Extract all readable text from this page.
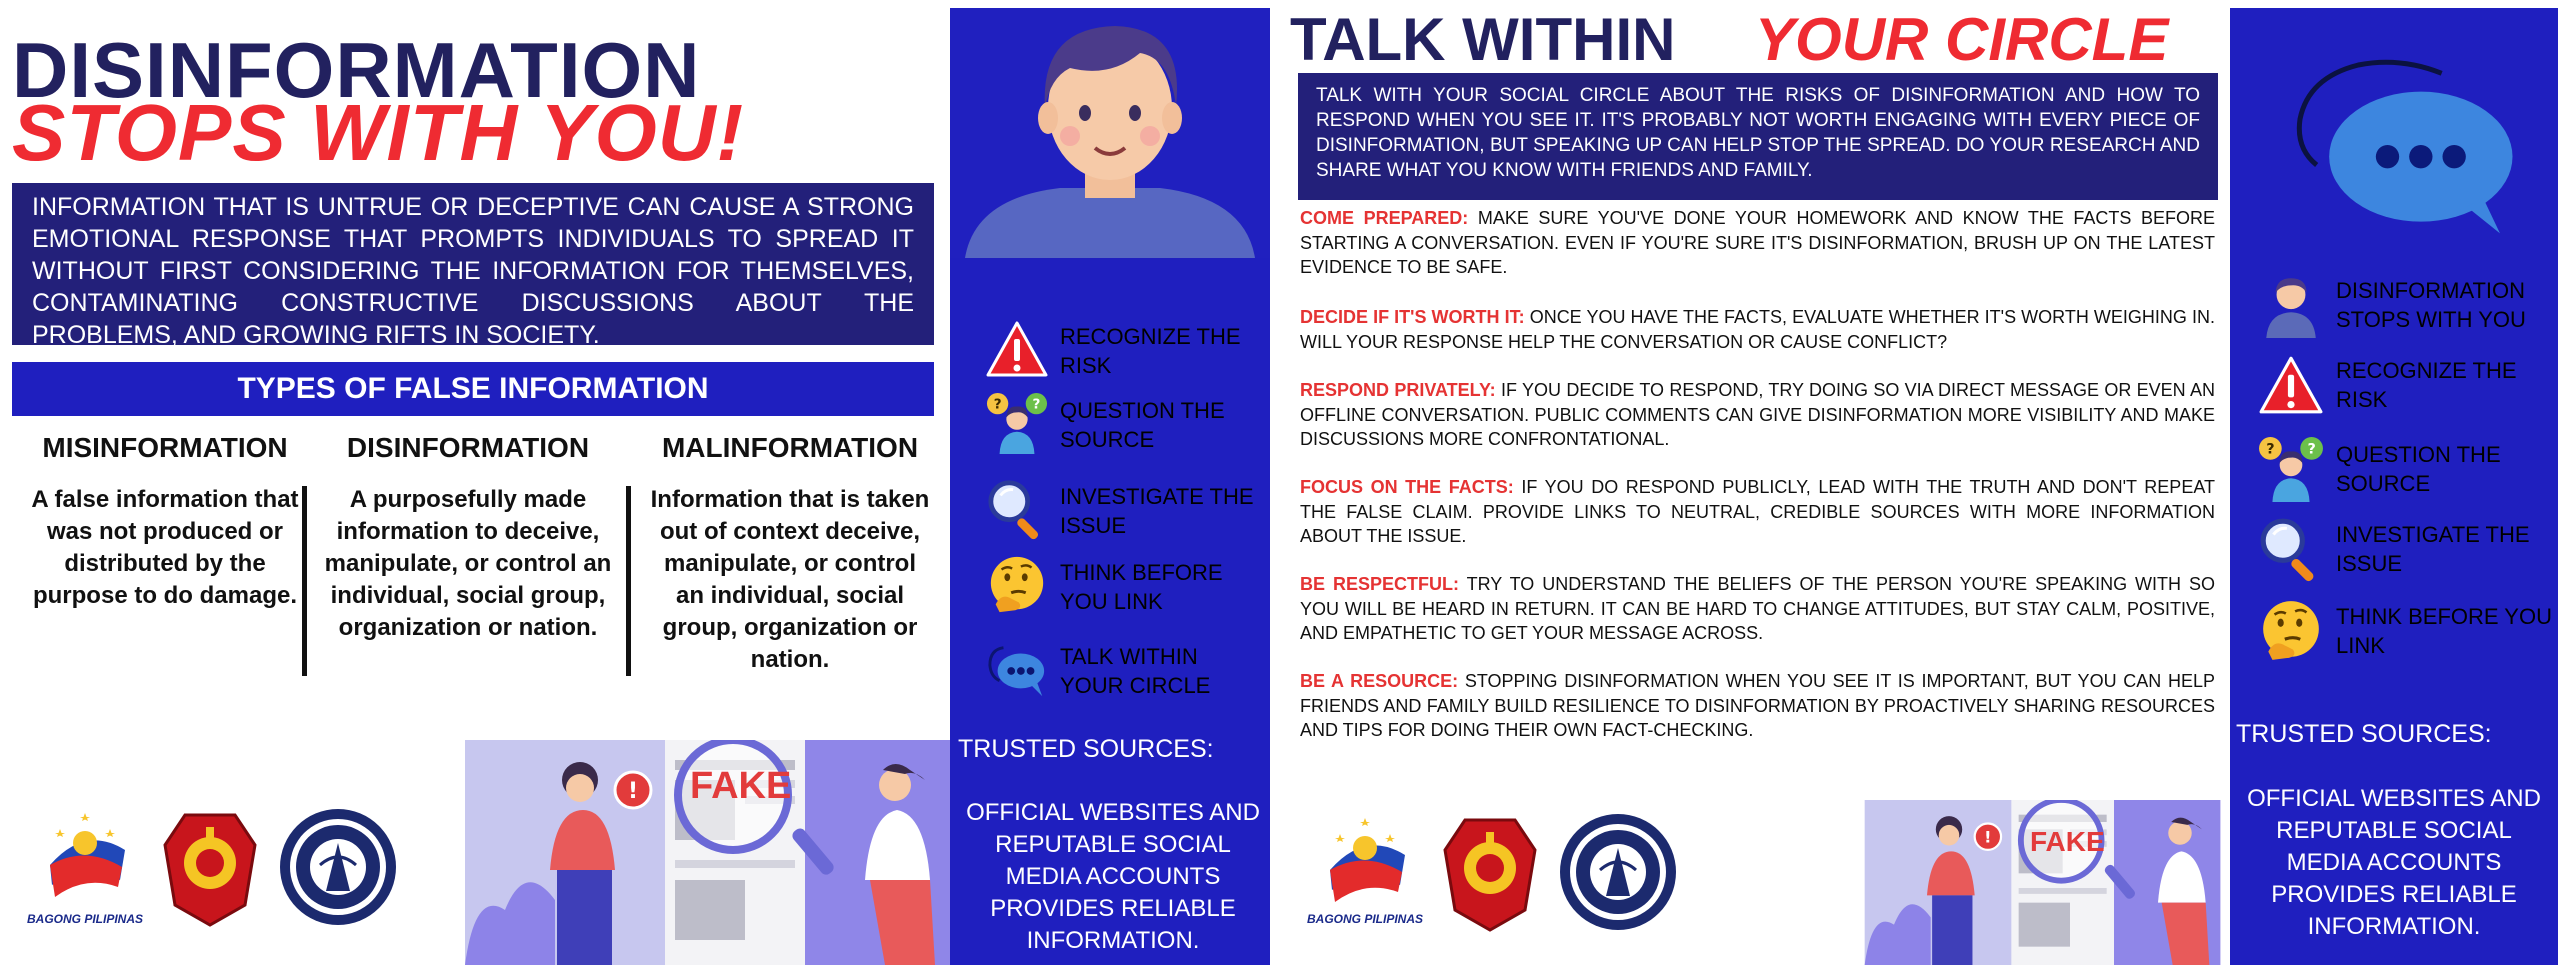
DISINFORMATION
STOPS WITH YOU!
INFORMATION THAT IS UNTRUE OR DECEPTIVE CAN CAUSE A STRONG EMOTIONAL RESPONSE THAT PROMPTS INDIVIDUALS TO SPREAD IT WITHOUT FIRST CONSIDERING THE INFORMATION FOR THEMSELVES, CONTAMINATING CONSTRUCTIVE DISCUSSIONS ABOUT THE PROBLEMS, AND GROWING RIFTS IN SOCIETY.
TYPES OF FALSE INFORMATION
MISINFORMATION
A false information that was not produced or distributed by the purpose to do damage.
DISINFORMATION
A purposefully made information to deceive, manipulate, or control an individual, social group, organization or nation.
MALINFORMATION
Information that is taken out of context deceive, manipulate, or control an individual, social group, organization or nation.
BAGONG PILIPINAS
FAKE
RECOGNIZE THE RISK
QUESTION THE SOURCE
INVESTIGATE THE ISSUE
THINK BEFORE YOU LINK
TALK WITHIN YOUR CIRCLE
TRUSTED SOURCES:
OFFICIAL WEBSITES AND REPUTABLE SOCIAL MEDIA ACCOUNTS PROVIDES RELIABLE INFORMATION.
TALK WITHIN YOUR CIRCLE
TALK WITH YOUR SOCIAL CIRCLE ABOUT THE RISKS OF DISINFORMATION AND HOW TO RESPOND WHEN YOU SEE IT. IT'S PROBABLY NOT WORTH ENGAGING WITH EVERY PIECE OF DISINFORMATION, BUT SPEAKING UP CAN HELP STOP THE SPREAD. DO YOUR RESEARCH AND SHARE WHAT YOU KNOW WITH FRIENDS AND FAMILY.
COME PREPARED: MAKE SURE YOU'VE DONE YOUR HOMEWORK AND KNOW THE FACTS BEFORE STARTING A CONVERSATION. EVEN IF YOU'RE SURE IT'S DISINFORMATION, BRUSH UP ON THE LATEST EVIDENCE TO BE SAFE.
DECIDE IF IT'S WORTH IT: ONCE YOU HAVE THE FACTS, EVALUATE WHETHER IT'S WORTH WEIGHING IN. WILL YOUR RESPONSE HELP THE CONVERSATION OR CAUSE CONFLICT?
RESPOND PRIVATELY: IF YOU DECIDE TO RESPOND, TRY DOING SO VIA DIRECT MESSAGE OR EVEN AN OFFLINE CONVERSATION. PUBLIC COMMENTS CAN GIVE DISINFORMATION MORE VISIBILITY AND MAKE DISCUSSIONS MORE CONFRONTATIONAL.
FOCUS ON THE FACTS: IF YOU DO RESPOND PUBLICLY, LEAD WITH THE TRUTH AND DON'T REPEAT THE FALSE CLAIM. PROVIDE LINKS TO NEUTRAL, CREDIBLE SOURCES WITH MORE INFORMATION ABOUT THE ISSUE.
BE RESPECTFUL: TRY TO UNDERSTAND THE BELIEFS OF THE PERSON YOU'RE SPEAKING WITH SO YOU WILL BE HEARD IN RETURN. IT CAN BE HARD TO CHANGE ATTITUDES, BUT STAY CALM, POSITIVE, AND EMPATHETIC TO GET YOUR MESSAGE ACROSS.
BE A RESOURCE: STOPPING DISINFORMATION WHEN YOU SEE IT IS IMPORTANT, BUT YOU CAN HELP FRIENDS AND FAMILY BUILD RESILIENCE TO DISINFORMATION BY PROACTIVELY SHARING RESOURCES AND TIPS FOR DOING THEIR OWN FACT-CHECKING.
BAGONG PILIPINAS
FAKE
DISINFORMATION STOPS WITH YOU
RECOGNIZE THE RISK
QUESTION THE SOURCE
INVESTIGATE THE ISSUE
THINK BEFORE YOU LINK
TRUSTED SOURCES:
OFFICIAL WEBSITES AND REPUTABLE SOCIAL MEDIA ACCOUNTS PROVIDES RELIABLE INFORMATION.
